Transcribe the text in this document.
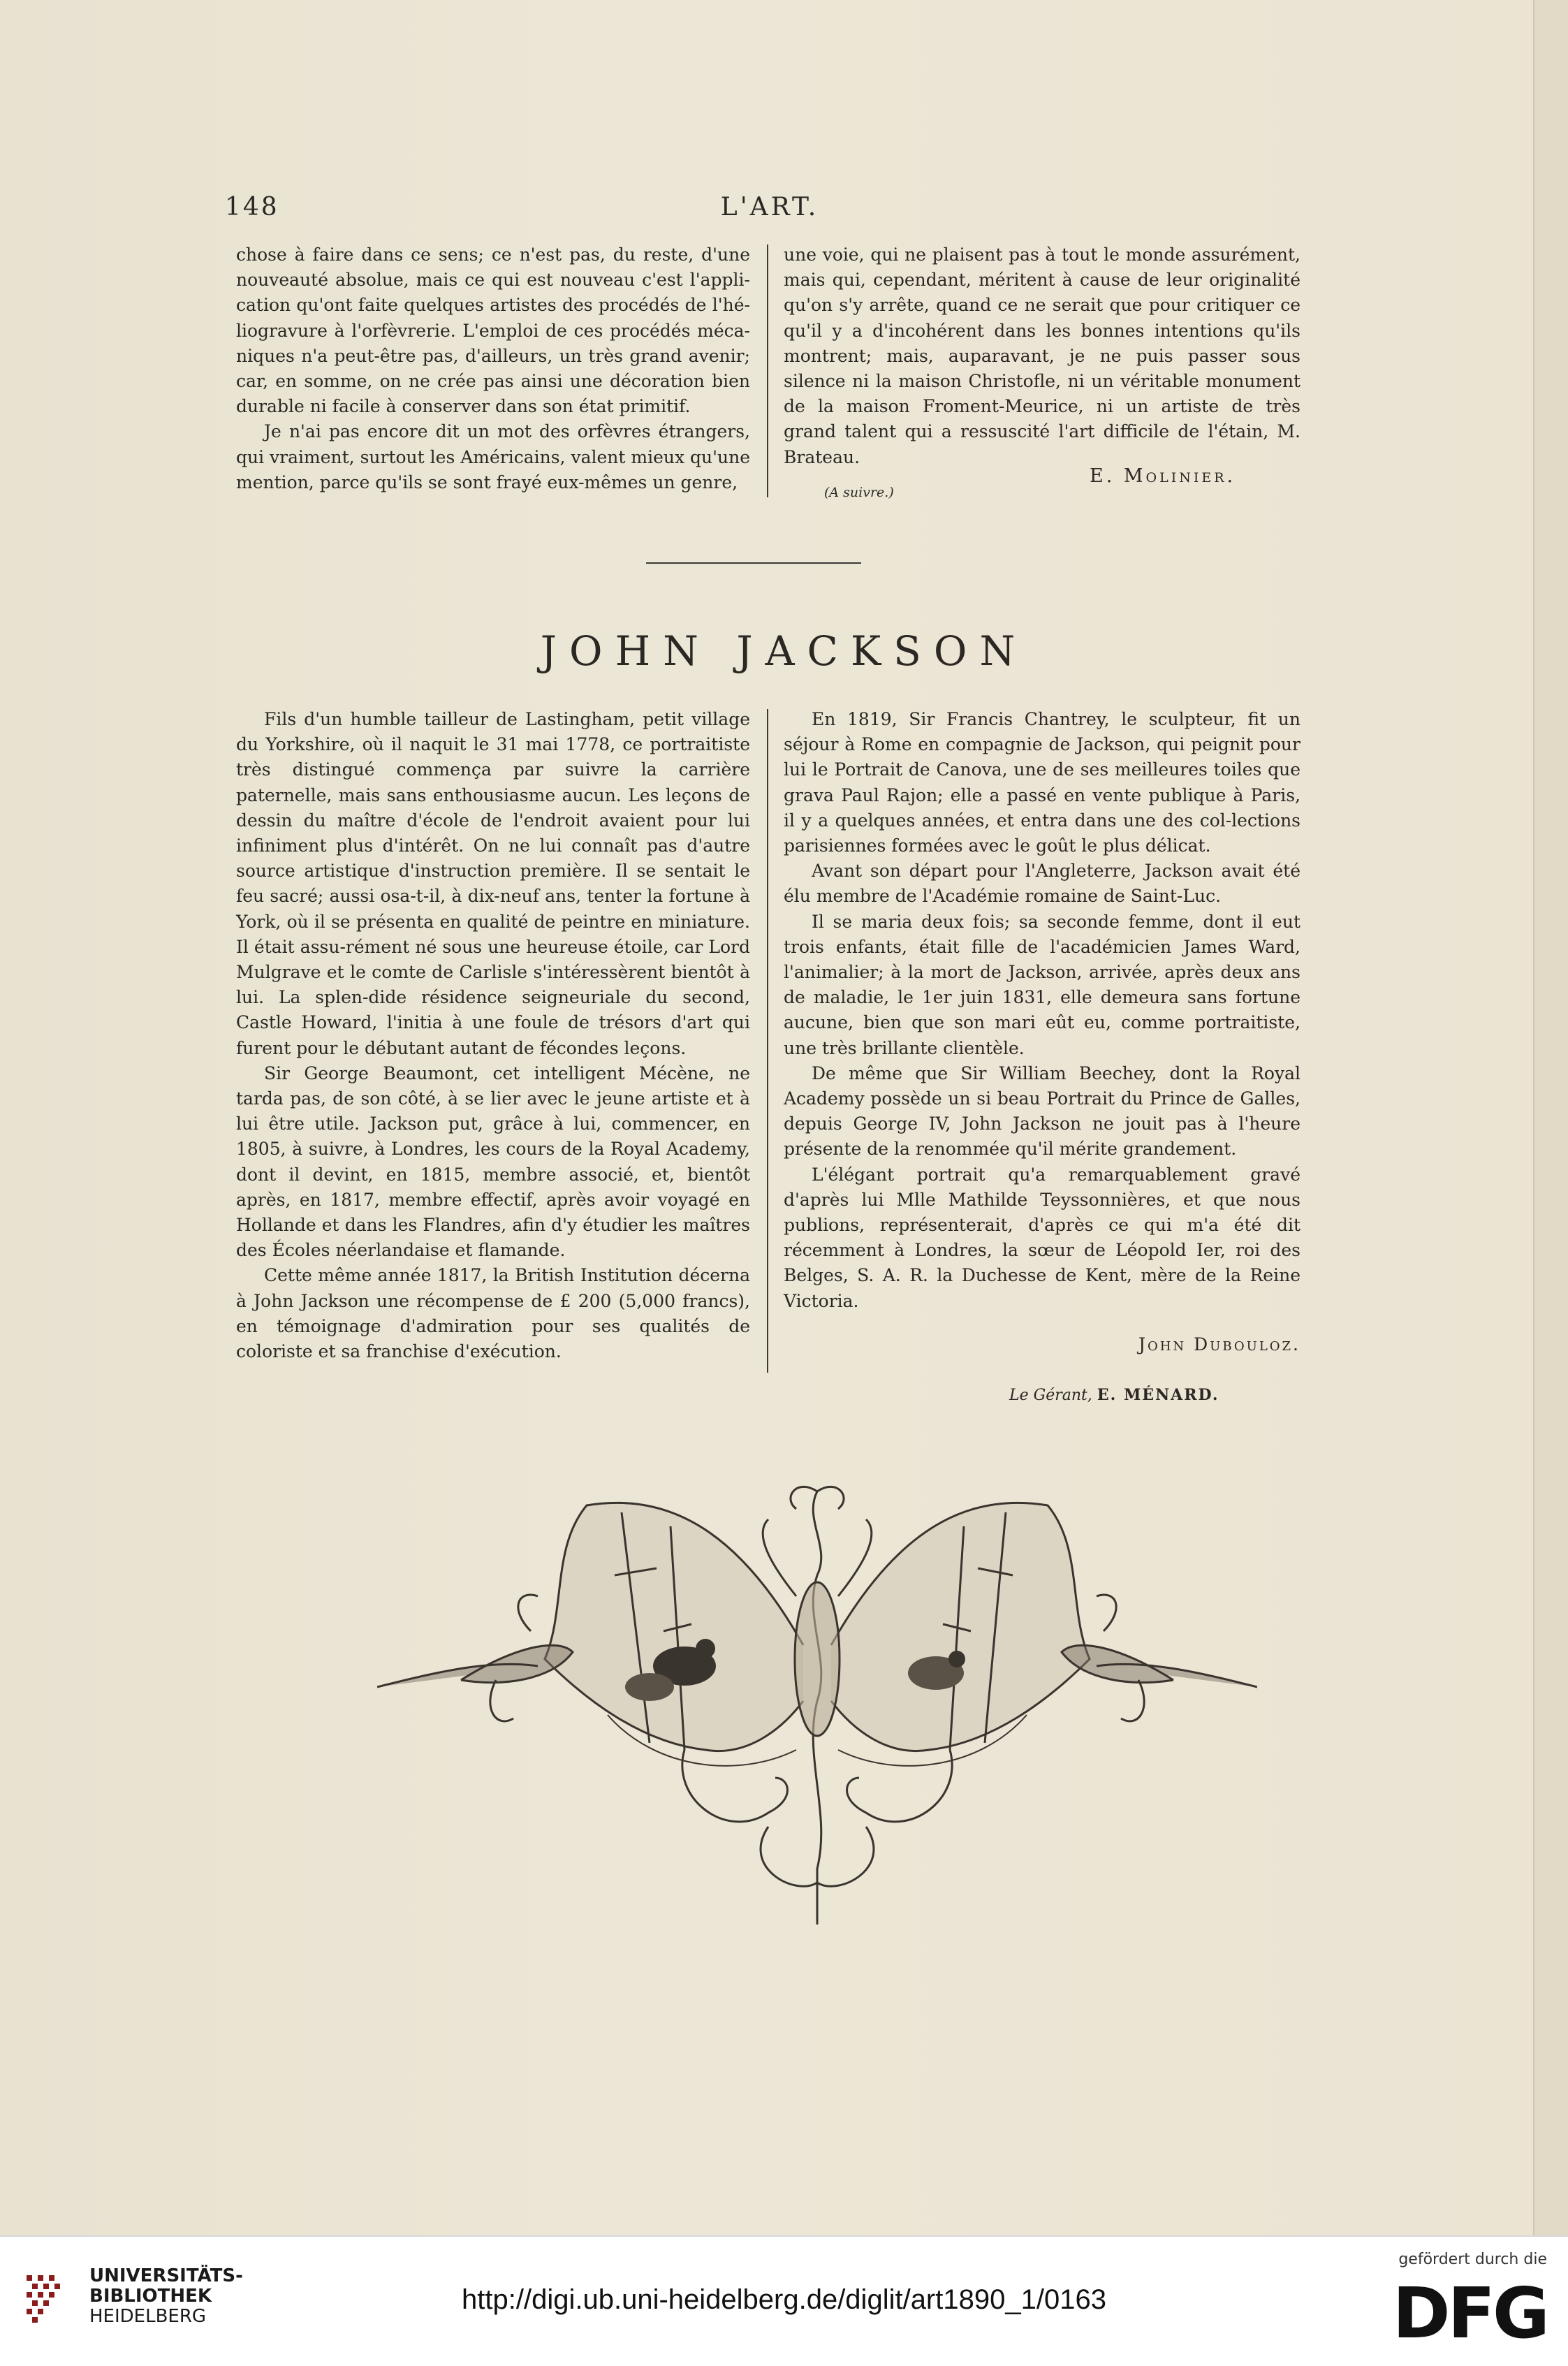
148	L'ART.

chose à faire dans ce sens; ce n'est pas, du reste, d'une nouveauté absolue, mais ce qui est nouveau c'est l'appli-cation qu'ont faite quelques artistes des procédés de l'hé-liogravure à l'orfèvrerie. L'emploi de ces procédés méca-niques n'a peut-être pas, d'ailleurs, un très grand avenir; car, en somme, on ne crée pas ainsi une décoration bien durable ni facile à conserver dans son état primitif.

Je n'ai pas encore dit un mot des orfèvres étrangers, qui vraiment, surtout les Américains, valent mieux qu'une mention, parce qu'ils se sont frayé eux-mêmes un genre,

une voie, qui ne plaisent pas à tout le monde assurément, mais qui, cependant, méritent à cause de leur originalité qu'on s'y arrête, quand ce ne serait que pour critiquer ce qu'il y a d'incohérent dans les bonnes intentions qu'ils montrent; mais, auparavant, je ne puis passer sous silence ni la maison Christofle, ni un véritable monument de la maison Froment-Meurice, ni un artiste de très grand talent qui a ressuscité l'art difficile de l'étain, M. Brateau.

E. Molinier.
(A suivre.)
JOHN JACKSON

Fils d'un humble tailleur de Lastingham, petit village du Yorkshire, où il naquit le 31 mai 1778, ce portraitiste très distingué commença par suivre la carrière paternelle, mais sans enthousiasme aucun. Les leçons de dessin du maître d'école de l'endroit avaient pour lui infiniment plus d'intérêt. On ne lui connaît pas d'autre source artistique d'instruction première. Il se sentait le feu sacré; aussi osa-t-il, à dix-neuf ans, tenter la fortune à York, où il se présenta en qualité de peintre en miniature. Il était assu-rément né sous une heureuse étoile, car Lord Mulgrave et le comte de Carlisle s'intéressèrent bientôt à lui. La splen-dide résidence seigneuriale du second, Castle Howard, l'initia à une foule de trésors d'art qui furent pour le débutant autant de fécondes leçons.

Sir George Beaumont, cet intelligent Mécène, ne tarda pas, de son côté, à se lier avec le jeune artiste et à lui être utile. Jackson put, grâce à lui, commencer, en 1805, à suivre, à Londres, les cours de la Royal Academy, dont il devint, en 1815, membre associé, et, bientôt après, en 1817, membre effectif, après avoir voyagé en Hollande et dans les Flandres, afin d'y étudier les maîtres des Écoles néerlandaise et flamande.

Cette même année 1817, la British Institution décerna à John Jackson une récompense de £ 200 (5,000 francs), en témoignage d'admiration pour ses qualités de coloriste et sa franchise d'exécution.

En 1819, Sir Francis Chantrey, le sculpteur, fit un séjour à Rome en compagnie de Jackson, qui peignit pour lui le Portrait de Canova, une de ses meilleures toiles que grava Paul Rajon; elle a passé en vente publique à Paris, il y a quelques années, et entra dans une des col-lections parisiennes formées avec le goût le plus délicat.

Avant son départ pour l'Angleterre, Jackson avait été élu membre de l'Académie romaine de Saint-Luc.

Il se maria deux fois; sa seconde femme, dont il eut trois enfants, était fille de l'académicien James Ward, l'animalier; à la mort de Jackson, arrivée, après deux ans de maladie, le 1er juin 1831, elle demeura sans fortune aucune, bien que son mari eût eu, comme portraitiste, une très brillante clientèle.

De même que Sir William Beechey, dont la Royal Academy possède un si beau Portrait du Prince de Galles, depuis George IV, John Jackson ne jouit pas à l'heure présente de la renommée qu'il mérite grandement.

L'élégant portrait qu'a remarquablement gravé d'après lui Mlle Mathilde Teyssonnières, et que nous publions, représenterait, d'après ce qui m'a été dit récemment à Londres, la sœur de Léopold Ier, roi des Belges, S. A. R. la Duchesse de Kent, mère de la Reine Victoria.

John Dubouloz.

Le Gérant, E. MÉNARD.
UNIVERSITÄTS-
BIBLIOTHEK
HEIDELBERG
http://digi.ub.uni-heidelberg.de/diglit/art1890_1/0163
gefördert durch die
DFG
